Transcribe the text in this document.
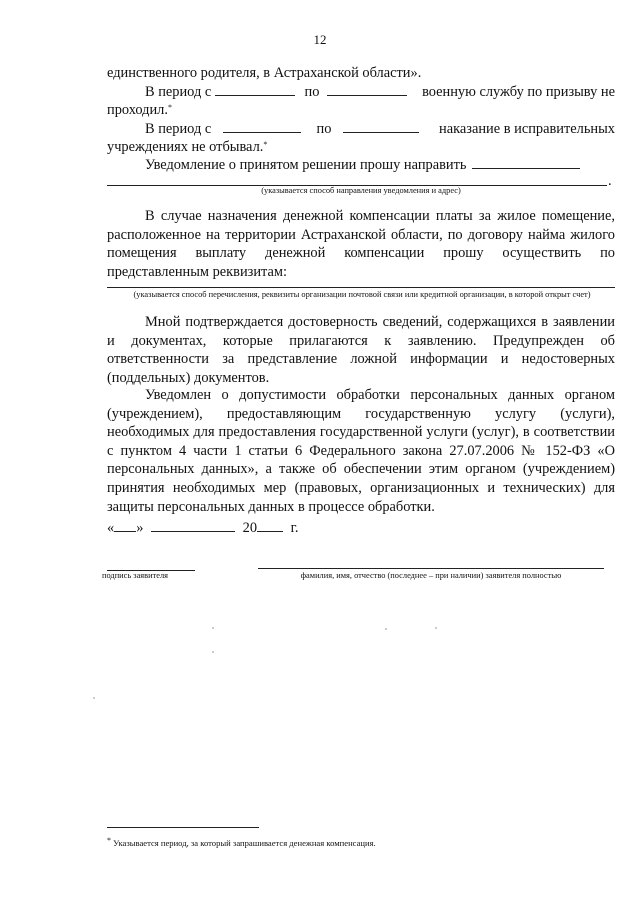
12
единственного родителя, в Астраханской области».
В период с	по	военную службу по призыву не
проходил.*
В период с	по	наказание в исправительных
учреждениях не отбывал.*
Уведомление о принятом решении прошу направить
.
(указывается способ направления уведомления и адрес)
В случае назначения денежной компенсации платы за жилое помещение, расположенное на территории Астраханской области, по договору найма жилого помещения выплату денежной компенсации прошу осуществить по представленным реквизитам:
(указывается способ перечисления, реквизиты организации почтовой связи или кредитной организации, в которой открыт счет)
Мной подтверждается достоверность сведений, содержащихся в заявлении и документах, которые прилагаются к заявлению. Предупрежден об ответственности за представление ложной информации и недостоверных (поддельных) документов.
Уведомлен о допустимости обработки персональных данных органом (учреждением), предоставляющим государственную услугу (услуги), необходимых для предоставления государственной услуги (услуг), в соответствии с пунктом 4 части 1 статьи 6 Федерального закона 27.07.2006 № 152-ФЗ «О персональных данных», а также об обеспечении этим органом (учреждением) принятия необходимых мер (правовых, организационных и технических) для защиты персональных данных в процессе обработки.
« »	20 г.
подпись заявителя	фамилия, имя, отчество (последнее – при наличии) заявителя полностью
* Указывается период, за который запрашивается денежная компенсация.
